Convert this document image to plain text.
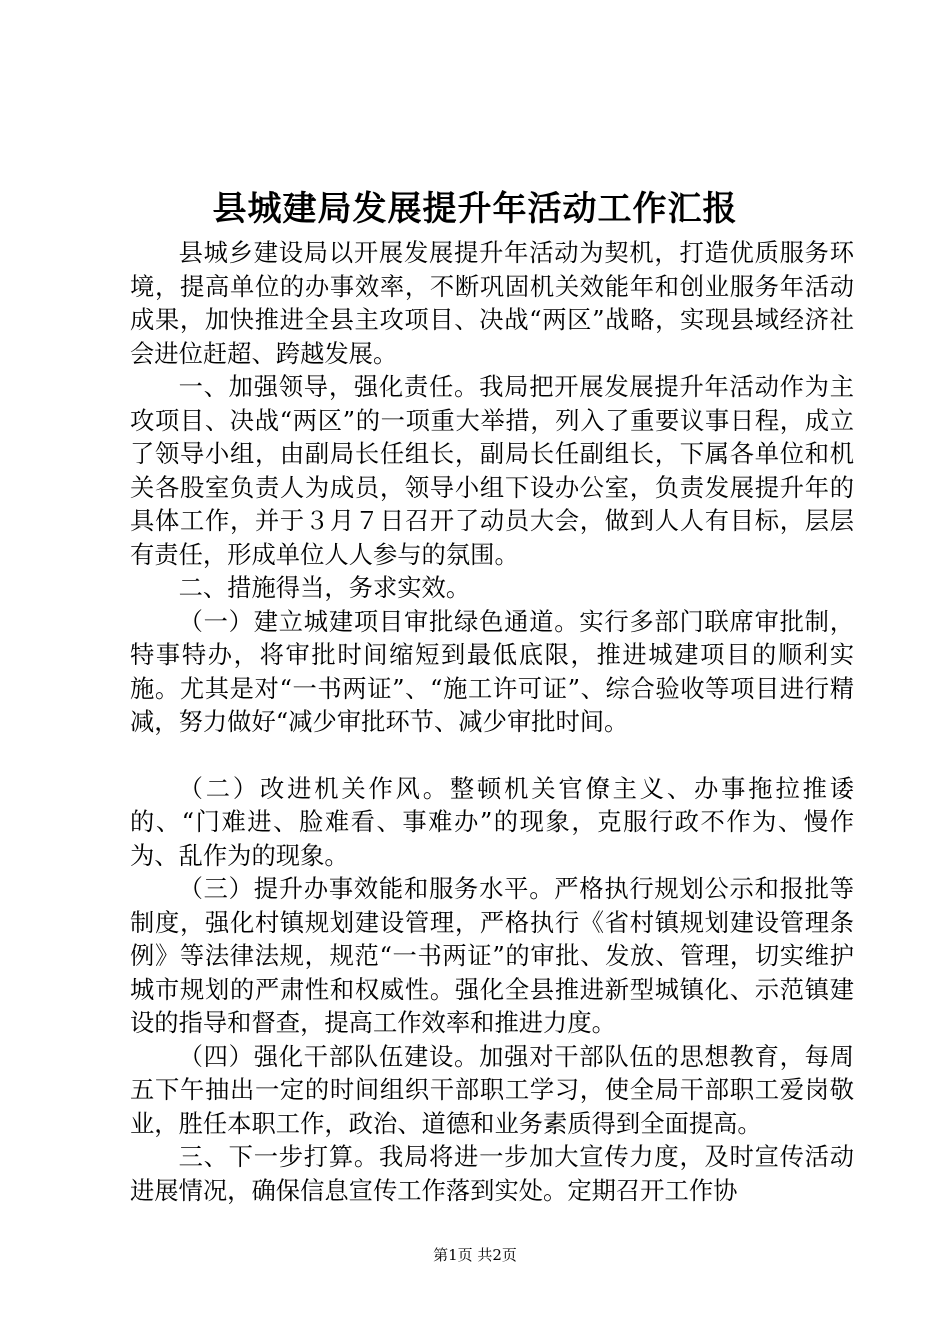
县城建局发展提升年活动工作汇报

县城乡建设局以开展发展提升年活动为契机，打造优质服务环境，提高单位的办事效率，不断巩固机关效能年和创业服务年活动成果，加快推进全县主攻项目、决战“两区”战略，实现县域经济社会进位赶超、跨越发展。

一、加强领导，强化责任。我局把开展发展提升年活动作为主攻项目、决战“两区”的一项重大举措，列入了重要议事日程，成立了领导小组，由副局长任组长，副局长任副组长，下属各单位和机关各股室负责人为成员，领导小组下设办公室，负责发展提升年的具体工作，并于３月７日召开了动员大会，做到人人有目标，层层有责任，形成单位人人参与的氛围。

二、措施得当，务求实效。

（一）建立城建项目审批绿色通道。实行多部门联席审批制，特事特办，将审批时间缩短到最低底限，推进城建项目的顺利实施。尤其是对“一书两证”、“施工许可证”、综合验收等项目进行精减，努力做好“减少审批环节、减少审批时间。

（二）改进机关作风。整顿机关官僚主义、办事拖拉推诿的、“门难进、脸难看、事难办”的现象，克服行政不作为、慢作为、乱作为的现象。

（三）提升办事效能和服务水平。严格执行规划公示和报批等制度，强化村镇规划建设管理，严格执行《省村镇规划建设管理条例》等法律法规，规范“一书两证”的审批、发放、管理，切实维护城市规划的严肃性和权威性。强化全县推进新型城镇化、示范镇建设的指导和督查，提高工作效率和推进力度。

（四）强化干部队伍建设。加强对干部队伍的思想教育，每周五下午抽出一定的时间组织干部职工学习，使全局干部职工爱岗敬业，胜任本职工作，政治、道德和业务素质得到全面提高。

三、下一步打算。我局将进一步加大宣传力度，及时宣传活动进展情况，确保信息宣传工作落到实处。定期召开工作协

第1页 共2页
